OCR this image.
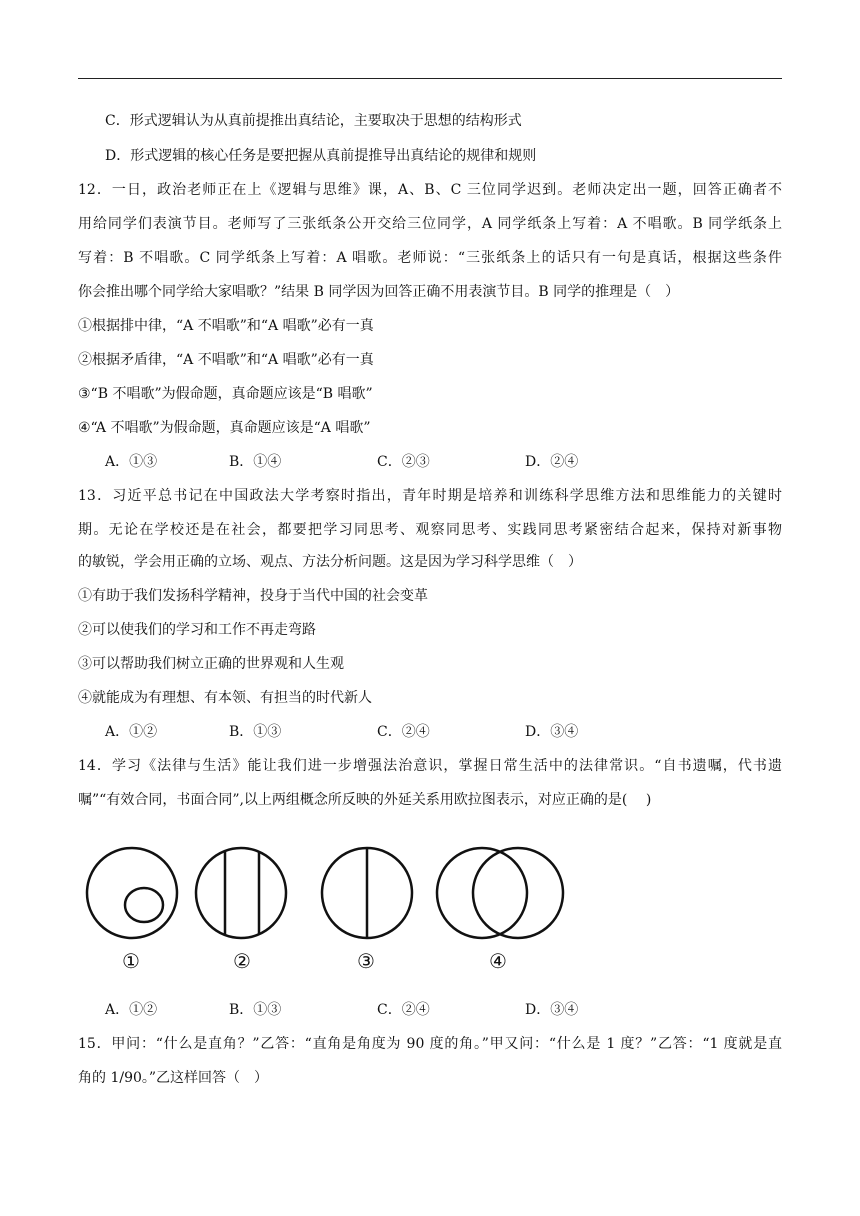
C．形式逻辑认为从真前提推出真结论，主要取决于思想的结构形式
D．形式逻辑的核心任务是要把握从真前提推导出真结论的规律和规则
12．一日，政治老师正在上《逻辑与思维》课，A、B、C 三位同学迟到。老师决定出一题，回答正确者不
用给同学们表演节目。老师写了三张纸条公开交给三位同学，A 同学纸条上写着：A 不唱歌。B 同学纸条上
写着：B 不唱歌。C 同学纸条上写着：A 唱歌。老师说：“三张纸条上的话只有一句是真话，根据这些条件
你会推出哪个同学给大家唱歌？”结果 B 同学因为回答正确不用表演节目。B 同学的推理是（　）
①根据排中律，“A 不唱歌”和“A 唱歌”必有一真
②根据矛盾律，“A 不唱歌”和“A 唱歌”必有一真
③“B 不唱歌”为假命题，真命题应该是“B 唱歌”
④“A 不唱歌”为假命题，真命题应该是“A 唱歌”
A．①③	B．①④	C．②③	D．②④
13．习近平总书记在中国政法大学考察时指出，青年时期是培养和训练科学思维方法和思维能力的关键时
期。无论在学校还是在社会，都要把学习同思考、观察同思考、实践同思考紧密结合起来，保持对新事物
的敏锐，学会用正确的立场、观点、方法分析问题。这是因为学习科学思维（　）
①有助于我们发扬科学精神，投身于当代中国的社会变革
②可以使我们的学习和工作不再走弯路
③可以帮助我们树立正确的世界观和人生观
④就能成为有理想、有本领、有担当的时代新人
A．①②	B．①③	C．②④	D．③④
14．学习《法律与生活》能让我们进一步增强法治意识，掌握日常生活中的法律常识。“自书遗嘱，代书遗
嘱”“有效合同，书面合同”,以上两组概念所反映的外延关系用欧拉图表示，对应正确的是(　 )
①	②	③	④
A．①②	B．①③	C．②④	D．③④
15．甲问：“什么是直角？”乙答：“直角是角度为 90 度的角。”甲又问：“什么是 1 度？”乙答：“1 度就是直
角的 1/90。”乙这样回答（　）
